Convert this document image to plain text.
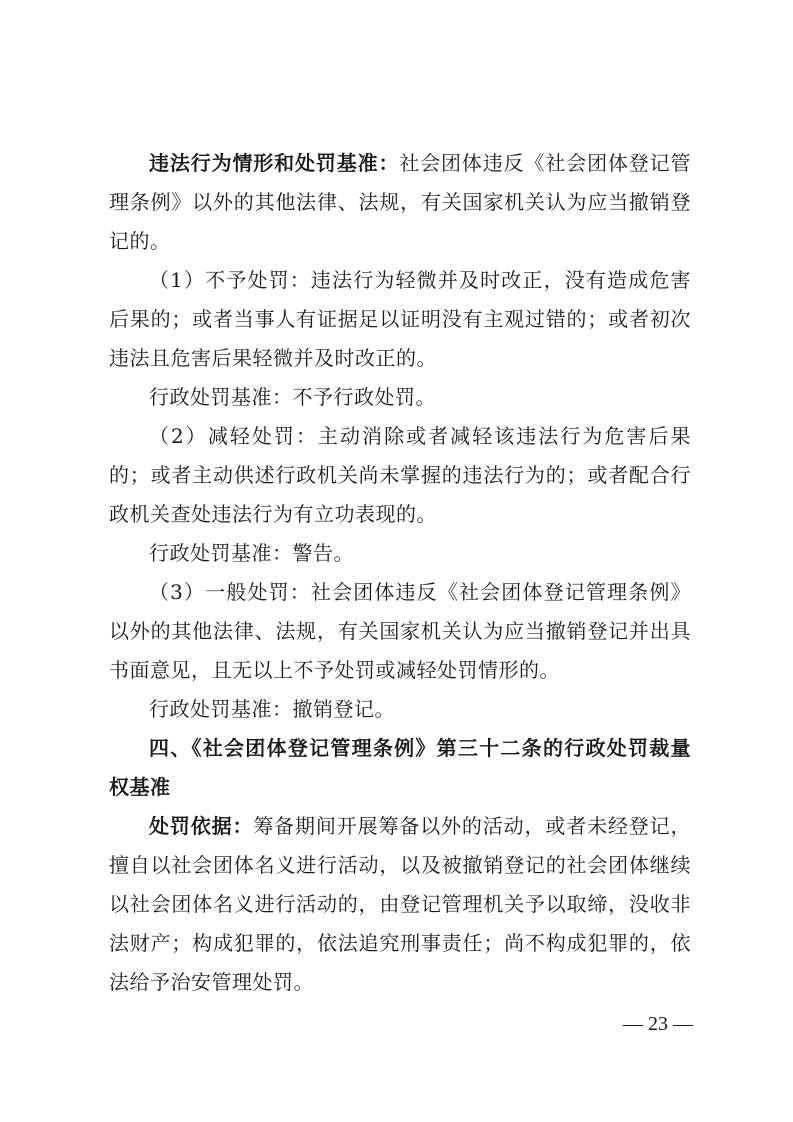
违法行为情形和处罚基准：社会团体违反《社会团体登记管理条例》以外的其他法律、法规，有关国家机关认为应当撤销登记的。

（1）不予处罚：违法行为轻微并及时改正，没有造成危害后果的；或者当事人有证据足以证明没有主观过错的；或者初次违法且危害后果轻微并及时改正的。

行政处罚基准：不予行政处罚。

（2）减轻处罚：主动消除或者减轻该违法行为危害后果的；或者主动供述行政机关尚未掌握的违法行为的；或者配合行政机关查处违法行为有立功表现的。

行政处罚基准：警告。

（3）一般处罚：社会团体违反《社会团体登记管理条例》以外的其他法律、法规，有关国家机关认为应当撤销登记并出具书面意见，且无以上不予处罚或减轻处罚情形的。

行政处罚基准：撤销登记。

四、《社会团体登记管理条例》第三十二条的行政处罚裁量权基准

处罚依据：筹备期间开展筹备以外的活动，或者未经登记，擅自以社会团体名义进行活动，以及被撤销登记的社会团体继续以社会团体名义进行活动的，由登记管理机关予以取缔，没收非法财产；构成犯罪的，依法追究刑事责任；尚不构成犯罪的，依法给予治安管理处罚。

— 23 —
